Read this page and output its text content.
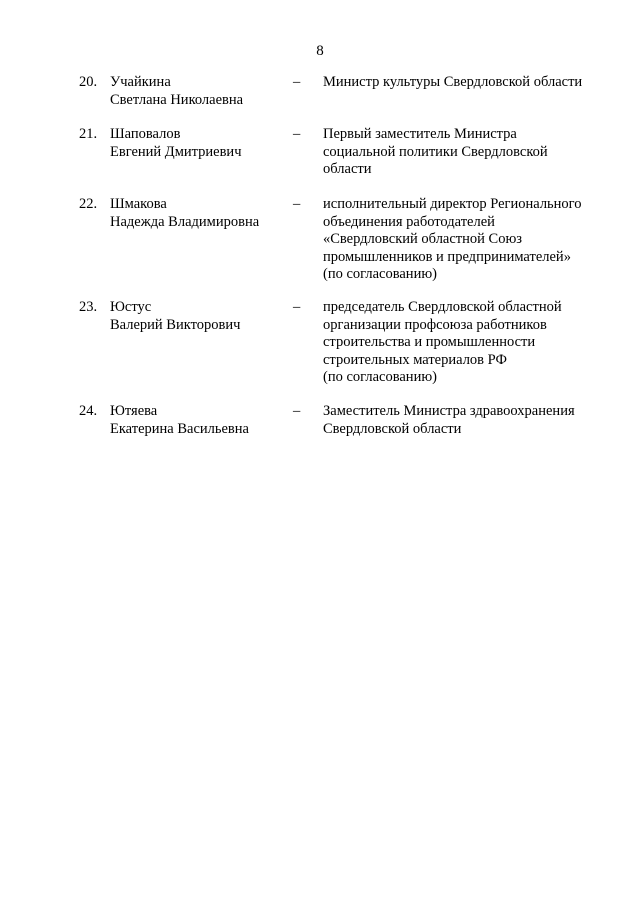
8
20. Учайкина
Светлана Николаевна
–	Министр культуры Свердловской области
21. Шаповалов
Евгений Дмитриевич
–	Первый заместитель Министра
социальной политики Свердловской
области
22. Шмакова
Надежда Владимировна
–	исполнительный директор Регионального
объединения работодателей
«Свердловский областной Союз
промышленников и предпринимателей»
(по согласованию)
23. Юстус
Валерий Викторович
–	председатель Свердловской областной
организации профсоюза работников
строительства и промышленности
строительных материалов РФ
(по согласованию)
24. Ютяева
Екатерина Васильевна
–	Заместитель Министра здравоохранения
Свердловской области
